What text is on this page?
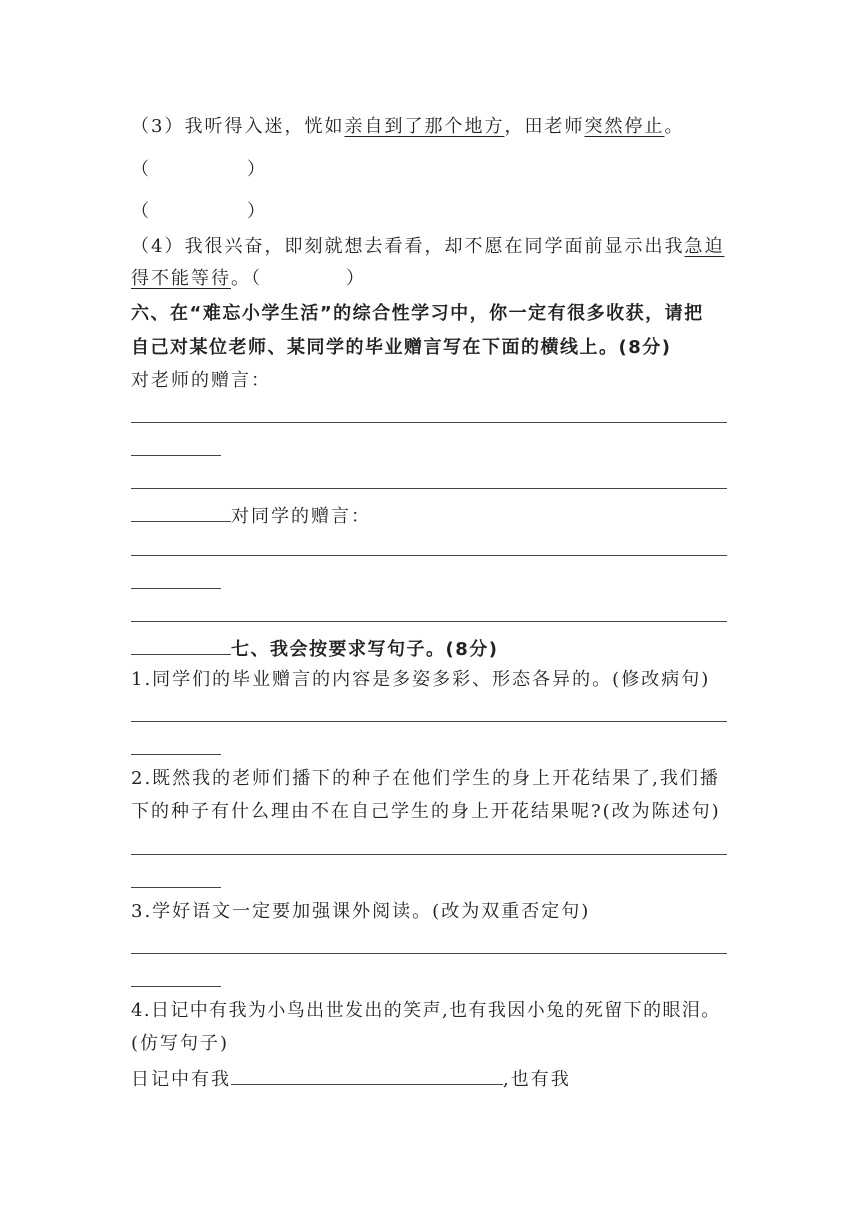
（3）我听得入迷，恍如亲自到了那个地方，田老师突然停止。
（	）
（	）
（4）我很兴奋，即刻就想去看看，却不愿在同学面前显示出我急迫
得不能等待。（	）
六、在“难忘小学生活”的综合性学习中，你一定有很多收获，请把
自己对某位老师、某同学的毕业赠言写在下面的横线上。(8分)
对老师的赠言：
对同学的赠言：
七、我会按要求写句子。(8分)
1.同学们的毕业赠言的内容是多姿多彩、形态各异的。(修改病句)
2.既然我的老师们播下的种子在他们学生的身上开花结果了,我们播
下的种子有什么理由不在自己学生的身上开花结果呢?(改为陈述句)
3.学好语文一定要加强课外阅读。(改为双重否定句)
4.日记中有我为小鸟出世发出的笑声,也有我因小兔的死留下的眼泪。
(仿写句子)
日记中有我	,也有我
